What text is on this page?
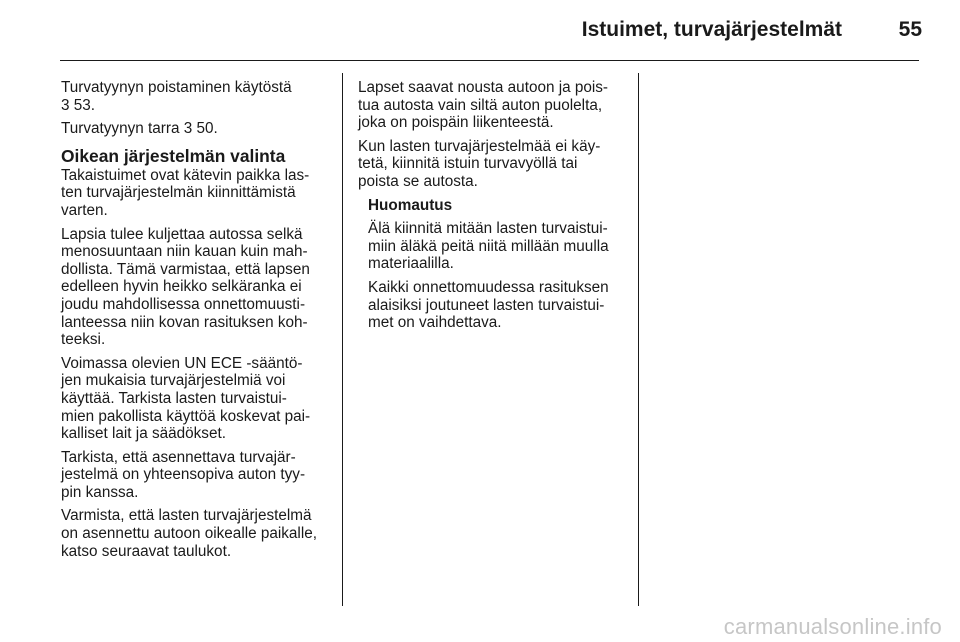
Istuimet, turvajärjestelmät	55

Turvatyynyn poistaminen käytöstä
3 53.

Turvatyynyn tarra 3 50.

Oikean järjestelmän valinta

Takaistuimet ovat kätevin paikka las-
ten turvajärjestelmän kiinnittämistä
varten.

Lapsia tulee kuljettaa autossa selkä
menosuuntaan niin kauan kuin mah-
dollista. Tämä varmistaa, että lapsen
edelleen hyvin heikko selkäranka ei
joudu mahdollisessa onnettomuusti-
lanteessa niin kovan rasituksen koh-
teeksi.

Voimassa olevien UN ECE -sääntö-
jen mukaisia turvajärjestelmiä voi
käyttää. Tarkista lasten turvaistui-
mien pakollista käyttöä koskevat pai-
kalliset lait ja säädökset.

Tarkista, että asennettava turvajär-
jestelmä on yhteensopiva auton tyy-
pin kanssa.

Varmista, että lasten turvajärjestelmä
on asennettu autoon oikealle paikalle,
katso seuraavat taulukot.

Lapset saavat nousta autoon ja pois-
tua autosta vain siltä auton puolelta,
joka on poispäin liikenteestä.

Kun lasten turvajärjestelmää ei käy-
tetä, kiinnitä istuin turvavyöllä tai
poista se autosta.

Huomautus

Älä kiinnitä mitään lasten turvaistui-
miin äläkä peitä niitä millään muulla
materiaalilla.

Kaikki onnettomuudessa rasituksen
alaisiksi joutuneet lasten turvaistui-
met on vaihdettava.

carmanualsonline.info
